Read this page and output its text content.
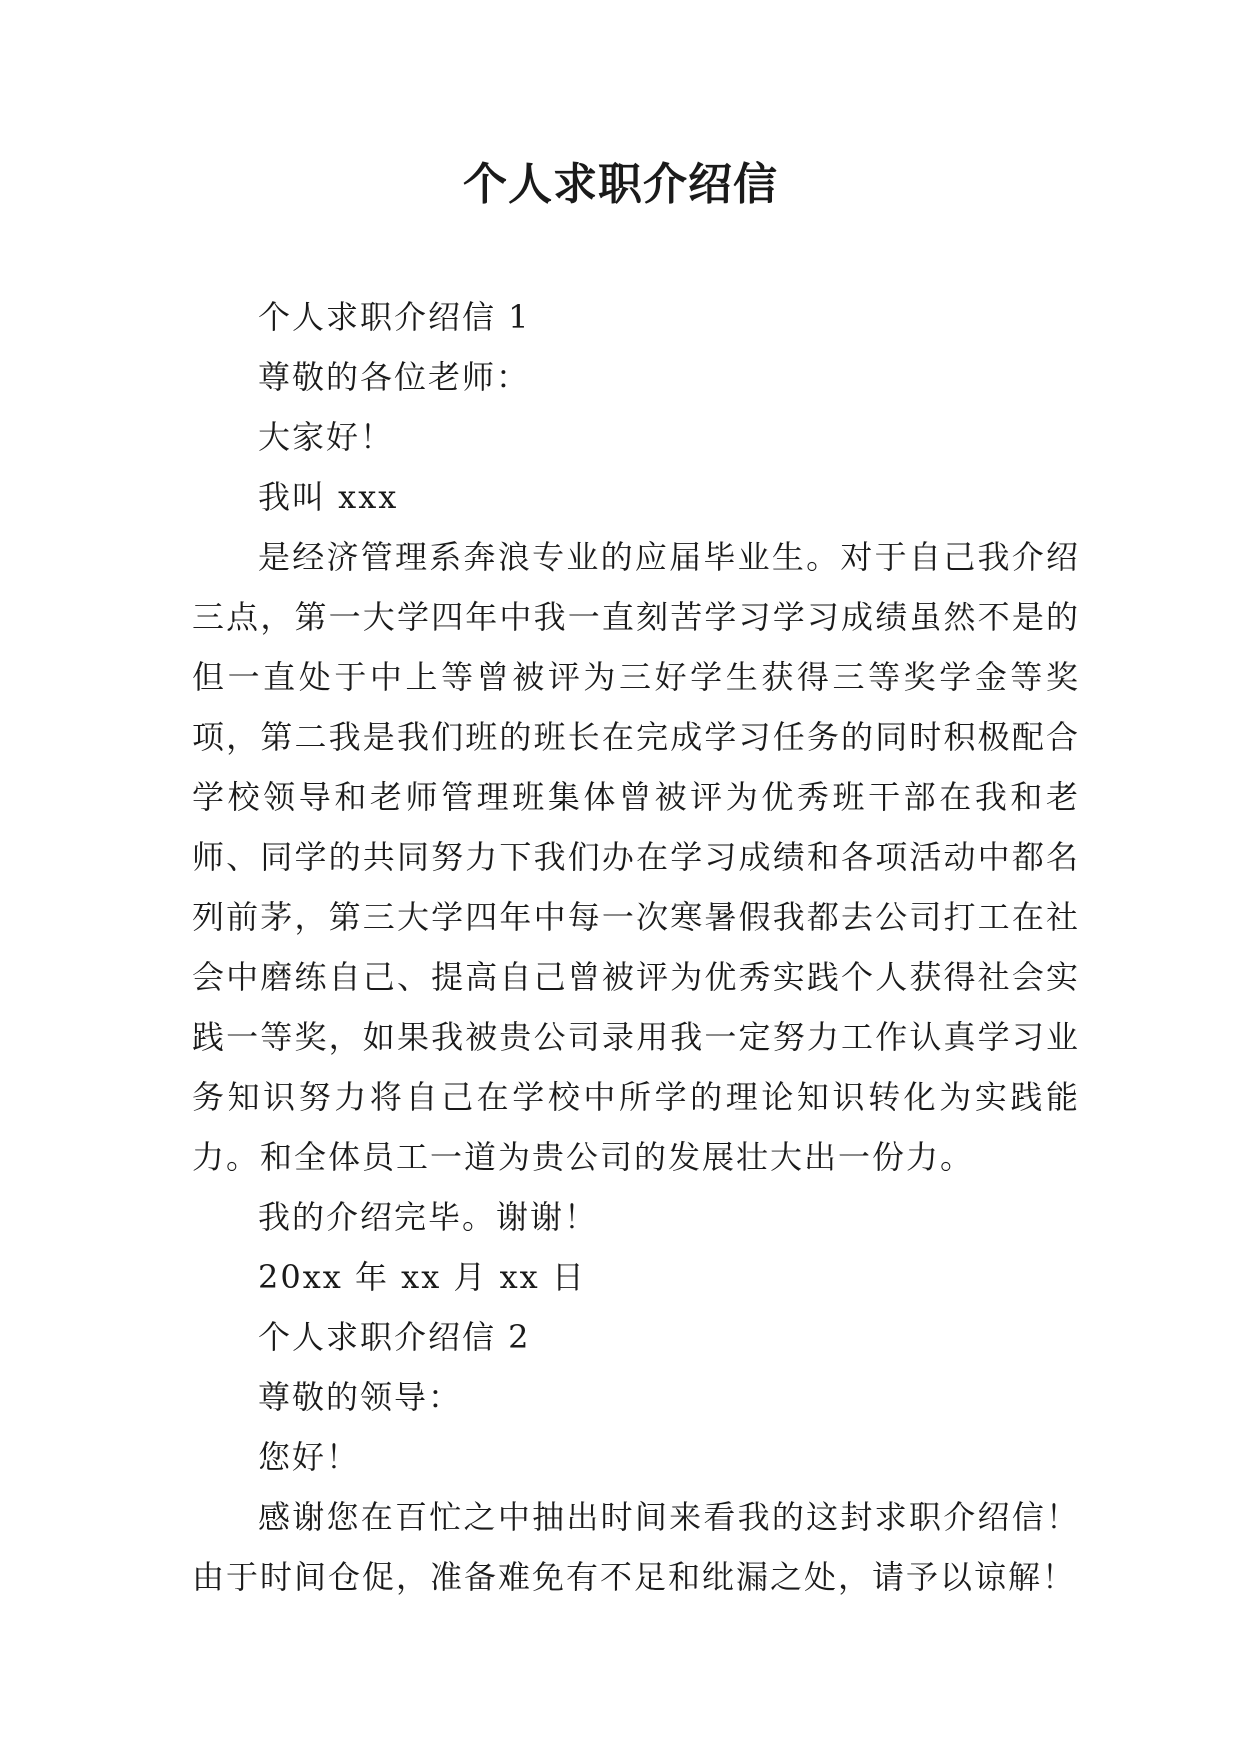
个人求职介绍信

个人求职介绍信 1

尊敬的各位老师：

大家好！

我叫 xxx

是经济管理系奔浪专业的应届毕业生。对于自己我介绍三点，第一大学四年中我一直刻苦学习学习成绩虽然不是的但一直处于中上等曾被评为三好学生获得三等奖学金等奖项，第二我是我们班的班长在完成学习任务的同时积极配合学校领导和老师管理班集体曾被评为优秀班干部在我和老师、同学的共同努力下我们办在学习成绩和各项活动中都名列前茅，第三大学四年中每一次寒暑假我都去公司打工在社会中磨练自己、提高自己曾被评为优秀实践个人获得社会实践一等奖，如果我被贵公司录用我一定努力工作认真学习业务知识努力将自己在学校中所学的理论知识转化为实践能力。和全体员工一道为贵公司的发展壮大出一份力。

我的介绍完毕。谢谢！

20xx 年 xx 月 xx 日

个人求职介绍信 2

尊敬的领导：

您好！

感谢您在百忙之中抽出时间来看我的这封求职介绍信！由于时间仓促，准备难免有不足和纰漏之处，请予以谅解！
